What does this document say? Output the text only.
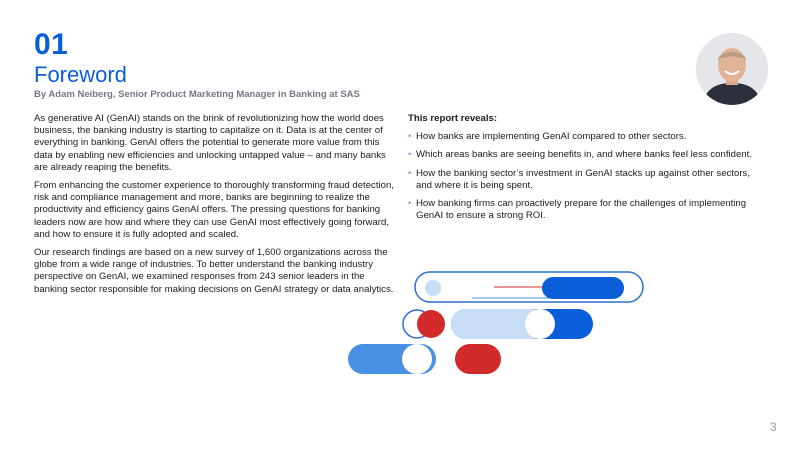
01
Foreword
By Adam Neiberg, Senior Product Marketing Manager in Banking at SAS

As generative AI (GenAI) stands on the brink of revolutionizing how the world does business, the banking industry is starting to capitalize on it. Data is at the center of everything in banking. GenAI offers the potential to generate more value from this data by enabling new efficiencies and unlocking untapped value – and many banks are already reaping the benefits.

From enhancing the customer experience to thoroughly transforming fraud detection, risk and compliance management and more, banks are beginning to realize the productivity and efficiency gains GenAI offers. The pressing questions for banking leaders now are how and where they can use GenAI most effectively going forward, and how to ensure it is fully adopted and scaled.

Our research findings are based on a new survey of 1,600 organizations across the globe from a wide range of industries. To better understand the banking industry perspective on GenAI, we examined responses from 243 senior leaders in the banking sector responsible for making decisions on GenAI strategy or data analytics.

This report reveals:
• How banks are implementing GenAI compared to other sectors.
• Which areas banks are seeing benefits in, and where banks feel less confident.
• How the banking sector’s investment in GenAI stacks up against other sectors, and where it is being spent.
• How banking firms can proactively prepare for the challenges of implementing GenAI to ensure a strong ROI.
3
